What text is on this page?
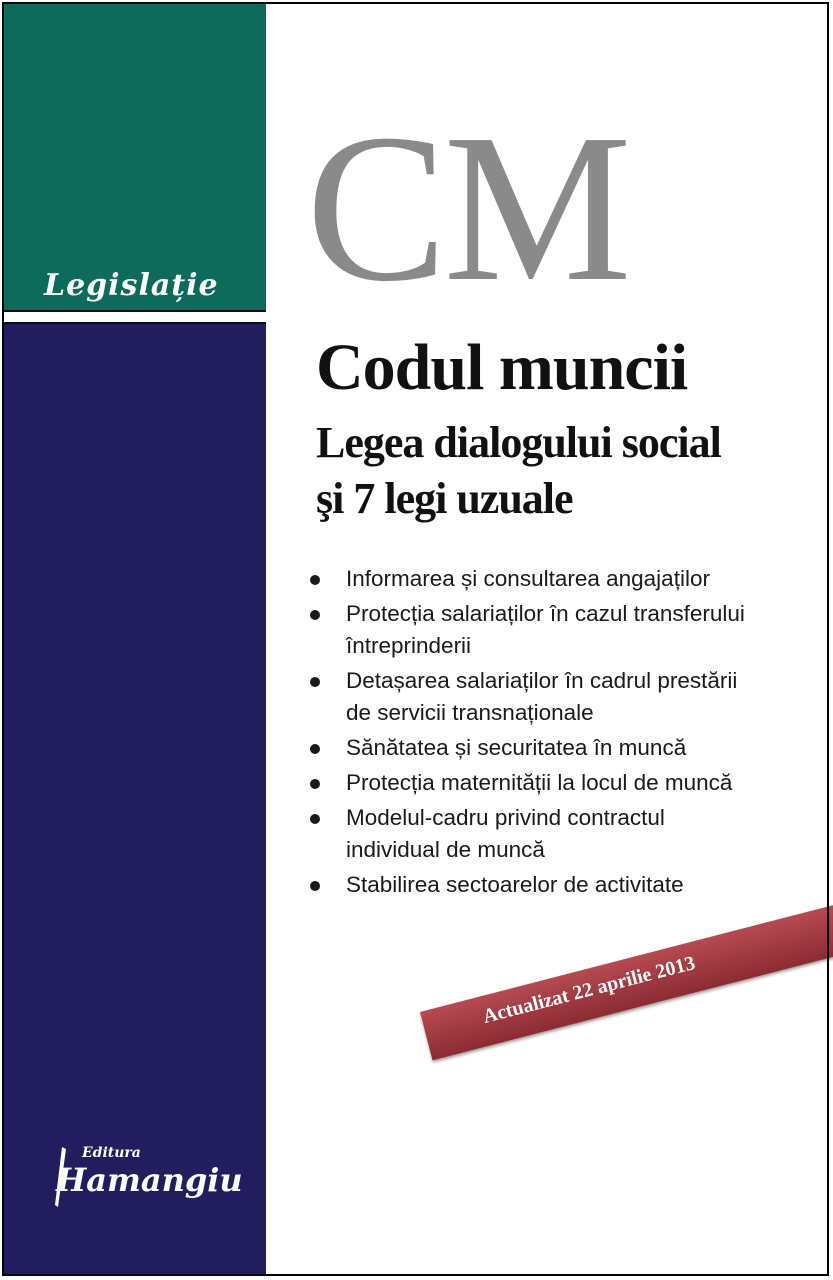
Legislație CM
Codul muncii
Legea dialogului social
şi 7 legi uzuale
Informarea și consultarea angajaților
Protecția salariaților în cazul transferului
întreprinderii
Detașarea salariaților în cadrul prestării
de servicii transnaționale
Sănătatea și securitatea în muncă
Protecția maternității la locul de muncă
Modelul-cadru privind contractul
individual de muncă
Stabilirea sectoarelor de activitate
Actualizat 22 aprilie 2013
Editura
Hamangiu
